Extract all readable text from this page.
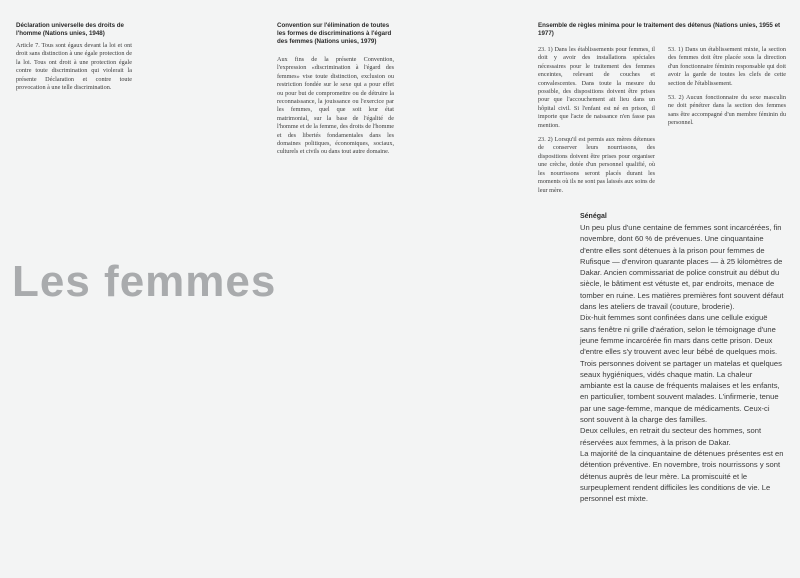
Déclaration universelle des droits de l'homme (Nations unies, 1948)

Article 7. Tous sont égaux devant la loi et ont droit sans distinction à une égale protection de la loi. Tous ont droit à une protection égale contre toute discrimination qui violerait la présente Déclaration et contre toute provocation à une telle discrimination.

Convention sur l'élimination de toutes les formes de discriminations à l'égard des femmes (Nations unies, 1979)

Aux fins de la présente Convention, l'expression «discrimination à l'égard des femmes» vise toute distinction, exclusion ou restriction fondée sur le sexe qui a pour effet ou pour but de compromettre ou de détruire la reconnaissance, la jouissance ou l'exercice par les femmes, quel que soit leur état matrimonial, sur la base de l'égalité de l'homme et de la femme, des droits de l'homme et des libertés fondamentales dans les domaines politiques, économiques, sociaux, culturels et civils ou dans tout autre domaine.

Ensemble de règles minima pour le traitement des détenus (Nations unies, 1955 et 1977)

23. 1) Dans les établissements pour femmes, il doit y avoir des installations spéciales nécessaires pour le traitement des femmes enceintes, relevant de couches et convalescentes. Dans toute la mesure du possible, des dispositions doivent être prises pour que l'accouchement ait lieu dans un hôpital civil. Si l'enfant est né en prison, il importe que l'acte de naissance n'en fasse pas mention.

23. 2) Lorsqu'il est permis aux mères détenues de conserver leurs nourrissons, des dispositions doivent être prises pour organiser une crèche, dotée d'un personnel qualifié, où les nourrissons seront placés durant les moments où ils ne sont pas laissés aux soins de leur mère.

53. 1) Dans un établissement mixte, la section des femmes doit être placée sous la direction d'un fonctionnaire féminin responsable qui doit avoir la garde de toutes les clefs de cette section de l'établissement.

53. 2) Aucun fonctionnaire du sexe masculin ne doit pénétrer dans la section des femmes sans être accompagné d'un membre féminin du personnel.

Les femmes

Sénégal

Un peu plus d'une centaine de femmes sont incarcérées, fin novembre, dont 60 % de prévenues. Une cinquantaine d'entre elles sont détenues à la prison pour femmes de Rufisque — d'environ quarante places — à 25 kilomètres de Dakar. Ancien commissariat de police construit au début du siècle, le bâtiment est vétuste et, par endroits, menace de tomber en ruine. Les matières premières font souvent défaut dans les ateliers de travail (couture, broderie).

Dix-huit femmes sont confinées dans une cellule exiguë sans fenêtre ni grille d'aération, selon le témoignage d'une jeune femme incarcérée fin mars dans cette prison. Deux d'entre elles s'y trouvent avec leur bébé de quelques mois. Trois personnes doivent se partager un matelas et quelques seaux hygiéniques, vidés chaque matin. La chaleur ambiante est la cause de fréquents malaises et les enfants, en particulier, tombent souvent malades. L'infirmerie, tenue par une sage-femme, manque de médicaments. Ceux-ci sont souvent à la charge des familles.

Deux cellules, en retrait du secteur des hommes, sont réservées aux femmes, à la prison de Dakar.

La majorité de la cinquantaine de détenues présentes est en détention préventive. En novembre, trois nourrissons y sont détenus auprès de leur mère. La promiscuité et le surpeuplement rendent difficiles les conditions de vie. Le personnel est mixte.
